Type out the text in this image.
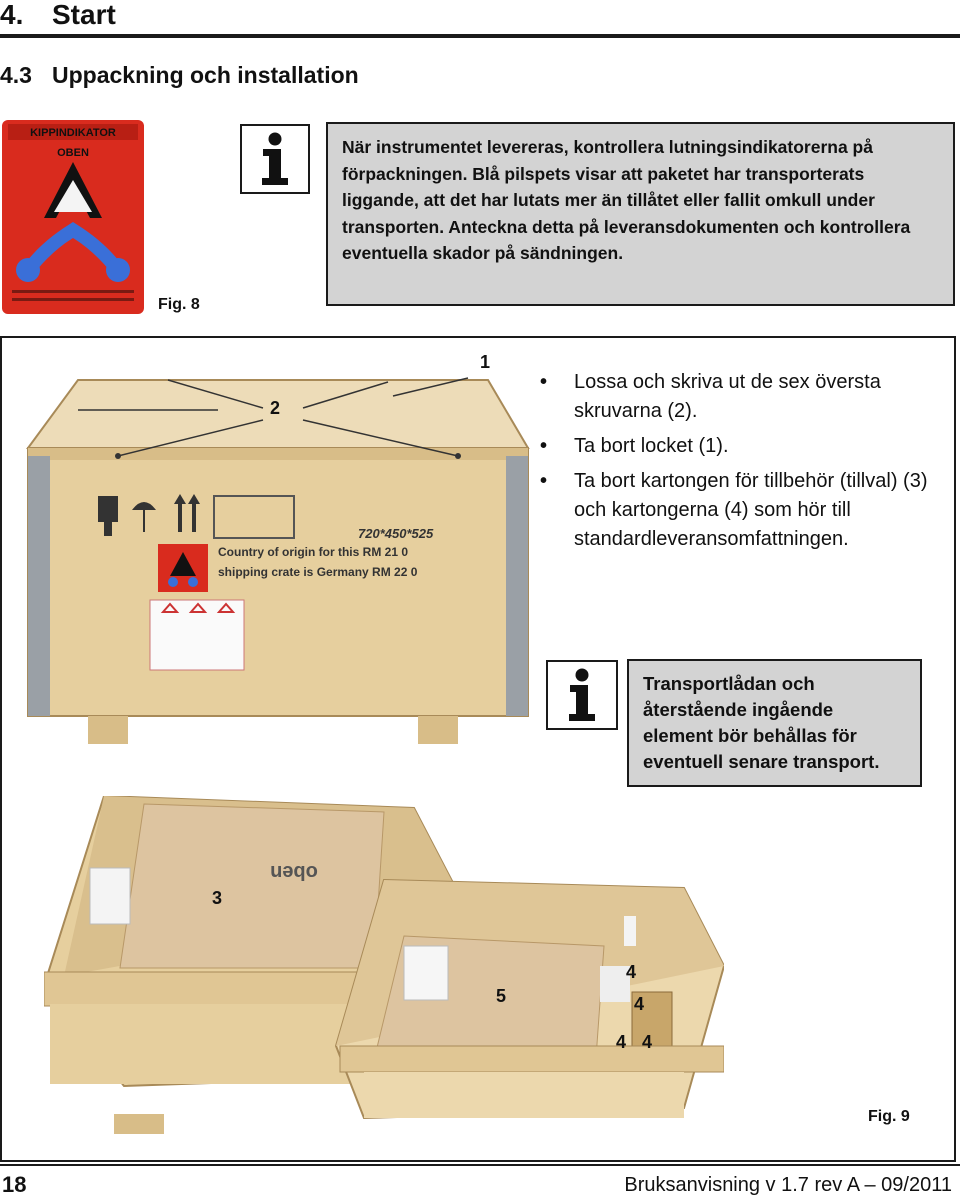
4. Start
4.3 Uppackning och installation
KIPPINDIKATOR
OBEN
Fig. 8
När instrumentet levereras, kontrollera lutningsindikatorerna på förpackningen. Blå pilspets visar att paketet har transporterats liggande, att det har lutats mer än tillåtet eller fallit omkull under transporten. Anteckna detta på leveransdokumenten och kontrollera eventuella skador på sändningen.
720*450*525
Country of origin for this RM 21 0
shipping crate is Germany RM 22 0
1
2
• Lossa och skriva ut de sex översta skruvarna (2).
• Ta bort locket (1).
• Ta bort kartongen för tillbehör (tillval) (3) och kartongerna (4) som hör till standardleveransomfattningen.
Transportlådan och återstående ingående element bör behållas för eventuell senare transport.
oben
3
5
4
4
4 4
Fig. 9
18	Bruksanvisning v 1.7 rev A – 09/2011
